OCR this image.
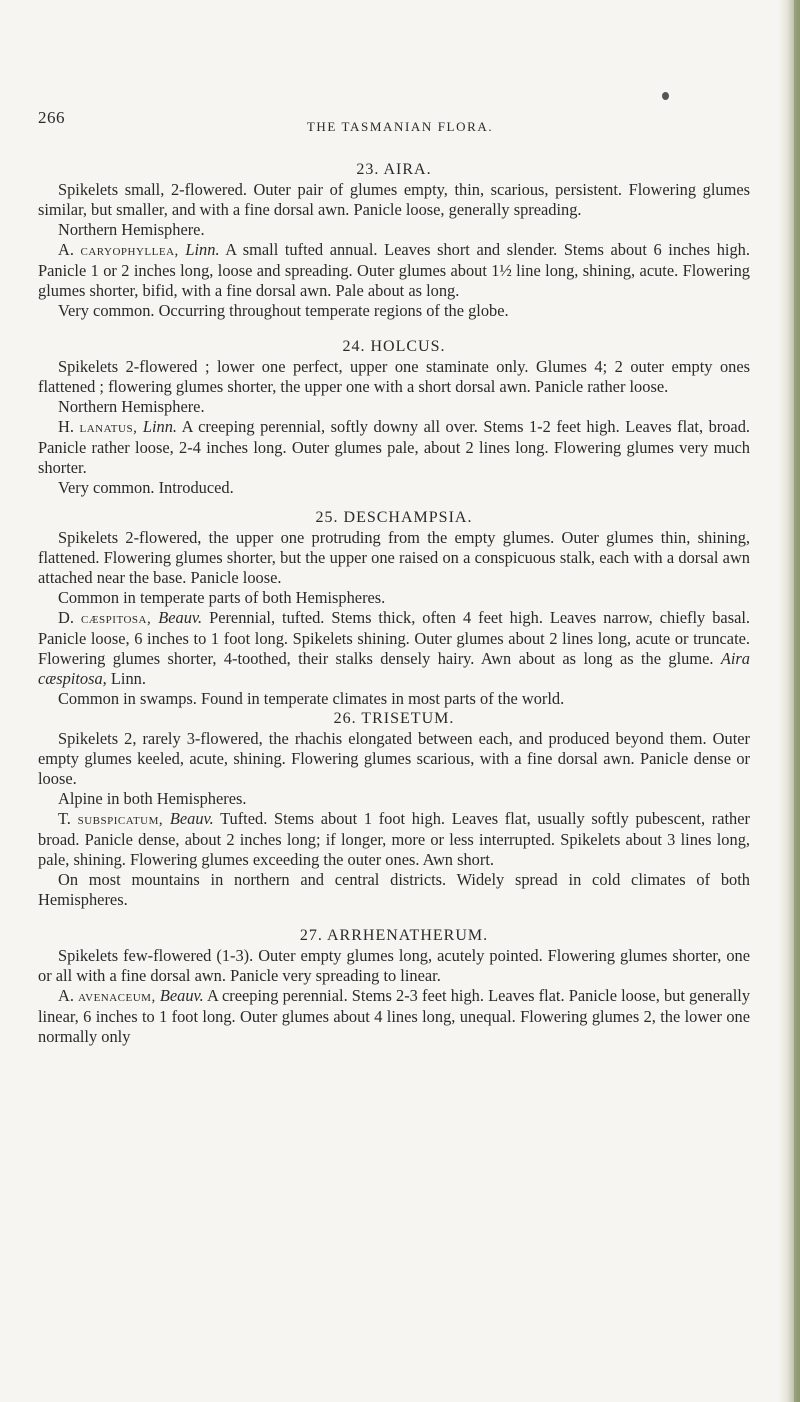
266	THE TASMANIAN FLORA.
23. AIRA.

Spikelets small, 2-flowered. Outer pair of glumes empty, thin, scarious, persistent. Flowering glumes similar, but smaller, and with a fine dorsal awn. Panicle loose, generally spreading.

Northern Hemisphere.

A. caryophyllea, Linn. A small tufted annual. Leaves short and slender. Stems about 6 inches high. Panicle 1 or 2 inches long, loose and spreading. Outer glumes about 1½ line long, shining, acute. Flowering glumes shorter, bifid, with a fine dorsal awn. Pale about as long.

Very common. Occurring throughout temperate regions of the globe.

24. HOLCUS.

Spikelets 2-flowered ; lower one perfect, upper one staminate only. Glumes 4; 2 outer empty ones flattened ; flowering glumes shorter, the upper one with a short dorsal awn. Panicle rather loose.

Northern Hemisphere.

H. lanatus, Linn. A creeping perennial, softly downy all over. Stems 1-2 feet high. Leaves flat, broad. Panicle rather loose, 2-4 inches long. Outer glumes pale, about 2 lines long. Flowering glumes very much shorter.

Very common. Introduced.

25. DESCHAMPSIA.

Spikelets 2-flowered, the upper one protruding from the empty glumes. Outer glumes thin, shining, flattened. Flowering glumes shorter, but the upper one raised on a conspicuous stalk, each with a dorsal awn attached near the base. Panicle loose.

Common in temperate parts of both Hemispheres.

D. cæspitosa, Beauv. Perennial, tufted. Stems thick, often 4 feet high. Leaves narrow, chiefly basal. Panicle loose, 6 inches to 1 foot long. Spikelets shining. Outer glumes about 2 lines long, acute or truncate. Flowering glumes shorter, 4-toothed, their stalks densely hairy. Awn about as long as the glume. Aira cæspitosa, Linn.

Common in swamps. Found in temperate climates in most parts of the world.

26. TRISETUM.

Spikelets 2, rarely 3-flowered, the rhachis elongated between each, and produced beyond them. Outer empty glumes keeled, acute, shining. Flowering glumes scarious, with a fine dorsal awn. Panicle dense or loose.

Alpine in both Hemispheres.

T. subspicatum, Beauv. Tufted. Stems about 1 foot high. Leaves flat, usually softly pubescent, rather broad. Panicle dense, about 2 inches long; if longer, more or less interrupted. Spikelets about 3 lines long, pale, shining. Flowering glumes exceeding the outer ones. Awn short.

On most mountains in northern and central districts. Widely spread in cold climates of both Hemispheres.

27. ARRHENATHERUM.

Spikelets few-flowered (1-3). Outer empty glumes long, acutely pointed. Flowering glumes shorter, one or all with a fine dorsal awn. Panicle very spreading to linear.

A. avenaceum, Beauv. A creeping perennial. Stems 2-3 feet high. Leaves flat. Panicle loose, but generally linear, 6 inches to 1 foot long. Outer glumes about 4 lines long, unequal. Flowering glumes 2, the lower one normally only
